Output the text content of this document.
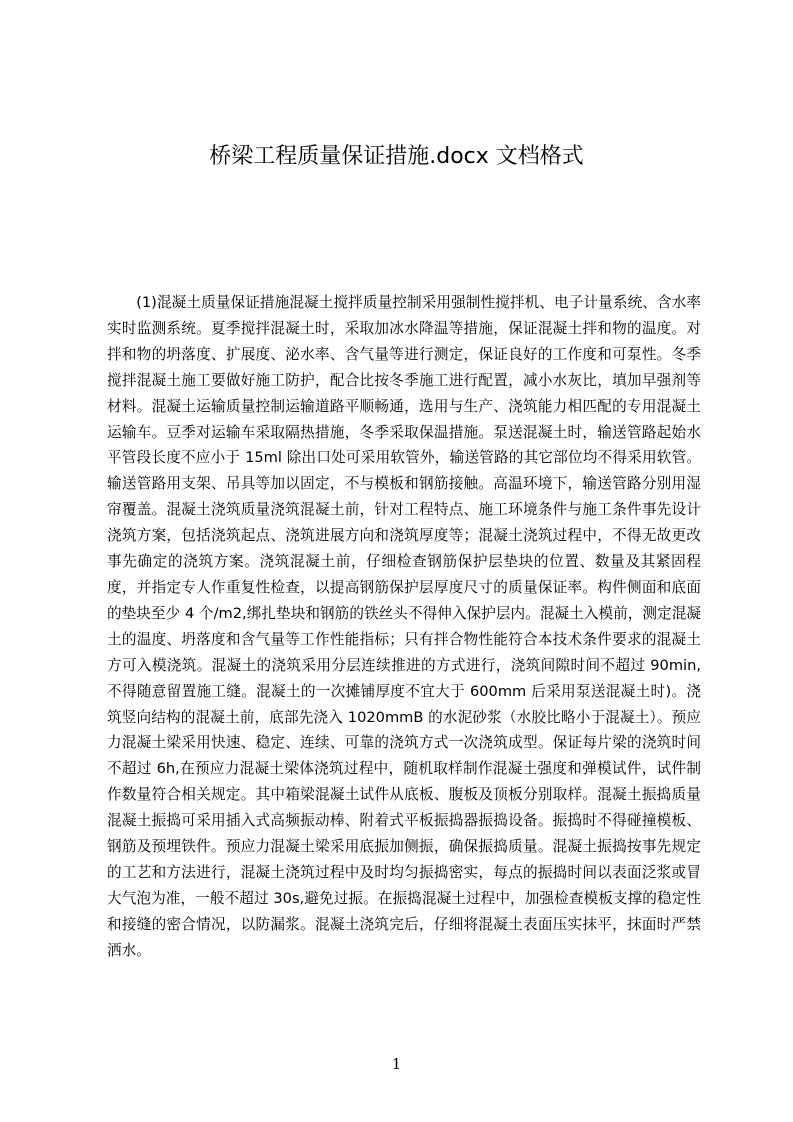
桥梁工程质量保证措施.docx 文档格式

(1)混凝土质量保证措施混凝土搅拌质量控制采用强制性搅拌机、电子计量系统、含水率实时监测系统。夏季搅拌混凝土时，采取加冰水降温等措施，保证混凝土拌和物的温度。对拌和物的坍落度、扩展度、泌水率、含气量等进行测定，保证良好的工作度和可泵性。冬季搅拌混凝土施工要做好施工防护，配合比按冬季施工进行配置，减小水灰比，填加早强剂等材料。混凝土运输质量控制运输道路平顺畅通，选用与生产、浇筑能力相匹配的专用混凝土运输车。豆季对运输车采取隔热措施，冬季采取保温措施。泵送混凝土时，输送管路起始水平管段长度不应小于 15ml 除出口处可采用软管外，输送管路的其它部位均不得采用软管。输送管路用支架、吊具等加以固定，不与模板和钢筋接触。高温环境下，输送管路分别用湿帘覆盖。混凝土浇筑质量浇筑混凝土前，针对工程特点、施工环境条件与施工条件事先设计浇筑方案，包括浇筑起点、浇筑进展方向和浇筑厚度等；混凝土浇筑过程中，不得无故更改事先确定的浇筑方案。浇筑混凝土前，仔细检查钢筋保护层垫块的位置、数量及其紧固程度，并指定专人作重复性检查，以提高钢筋保护层厚度尺寸的质量保证率。构件侧面和底面的垫块至少 4 个/m2,绑扎垫块和钢筋的铁丝头不得伸入保护层内。混凝土入模前，测定混凝土的温度、坍落度和含气量等工作性能指标；只有拌合物性能符合本技术条件要求的混凝土方可入模浇筑。混凝土的浇筑采用分层连续推进的方式进行，浇筑间隙时间不超过 90min,不得随意留置施工缝。混凝土的一次摊铺厚度不宜大于 600mm 后采用泵送混凝土时)。浇筑竖向结构的混凝土前，底部先浇入 1020mmB 的水泥砂浆（水胶比略小于混凝土）。预应力混凝土梁采用快速、稳定、连续、可靠的浇筑方式一次浇筑成型。保证每片梁的浇筑时间不超过 6h,在预应力混凝土梁体浇筑过程中，随机取样制作混凝土强度和弹模试件，试件制作数量符合相关规定。其中箱梁混凝土试件从底板、腹板及顶板分别取样。混凝土振捣质量混凝土振捣可采用插入式高频振动棒、附着式平板振捣器振捣设备。振捣时不得碰撞模板、钢筋及预埋铁件。预应力混凝土梁采用底振加侧振，确保振捣质量。混凝土振捣按事先规定的工艺和方法进行，混凝土浇筑过程中及时均匀振捣密实，每点的振捣时间以表面泛浆或冒大气泡为准，一般不超过 30s,避免过振。在振捣混凝土过程中，加强检查模板支撑的稳定性和接缝的密合情况，以防漏浆。混凝土浇筑完后，仔细将混凝土表面压实抹平，抹面时严禁洒水。

1
